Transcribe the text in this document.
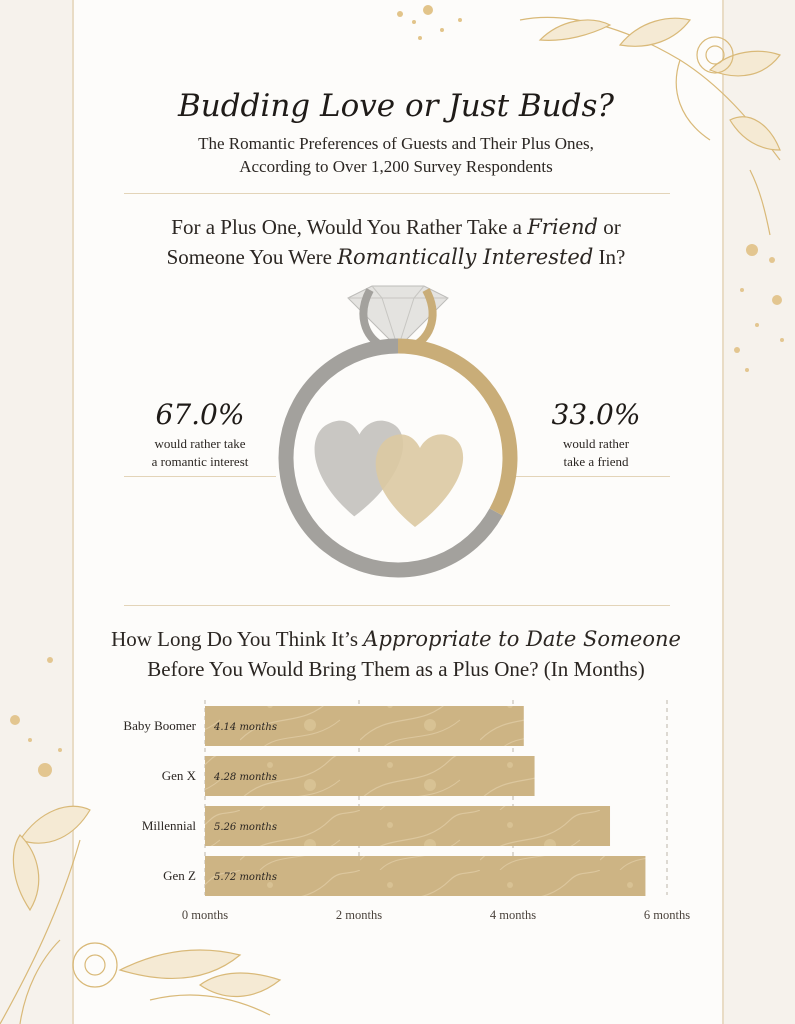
Budding Love or Just Buds?
The Romantic Preferences of Guests and Their Plus Ones,
According to Over 1,200 Survey Respondents
For a Plus One, Would You Rather Take a Friend or
Someone You Were Romantically Interested In?
67.0%
would rather take
a romantic interest
33.0%
would rather
take a friend
How Long Do You Think It’s Appropriate to Date Someone
Before You Would Bring Them as a Plus One? (In Months)
0 months	2 months	4 months	6 months
Baby Boomer 4.14 months
Gen X 4.28 months
Millennial 5.26 months
Gen Z 5.72 months
